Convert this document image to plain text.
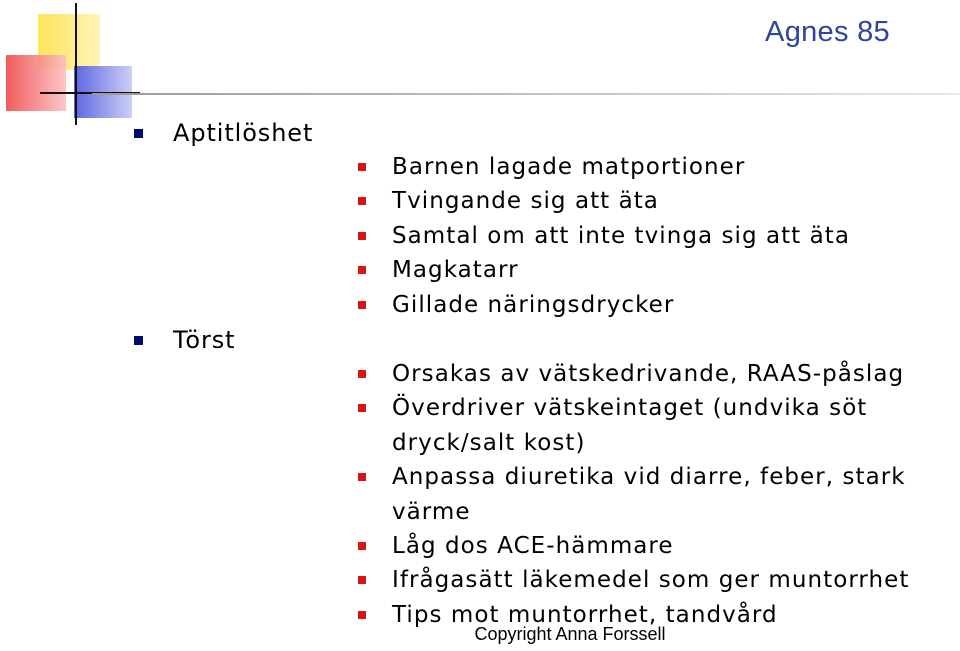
Agnes 85
Aptitlöshet
Barnen lagade matportioner
Tvingande sig att äta
Samtal om att inte tvinga sig att äta
Magkatarr
Gillade näringsdrycker
Törst
Orsakas av vätskedrivande, RAAS-påslag
Överdriver vätskeintaget (undvika söt dryck/salt kost)
Anpassa diuretika vid diarre, feber, stark värme
Låg dos ACE-hämmare
Ifrågasätt läkemedel som ger muntorrhet
Tips mot muntorrhet, tandvård
Copyright Anna Forssell
